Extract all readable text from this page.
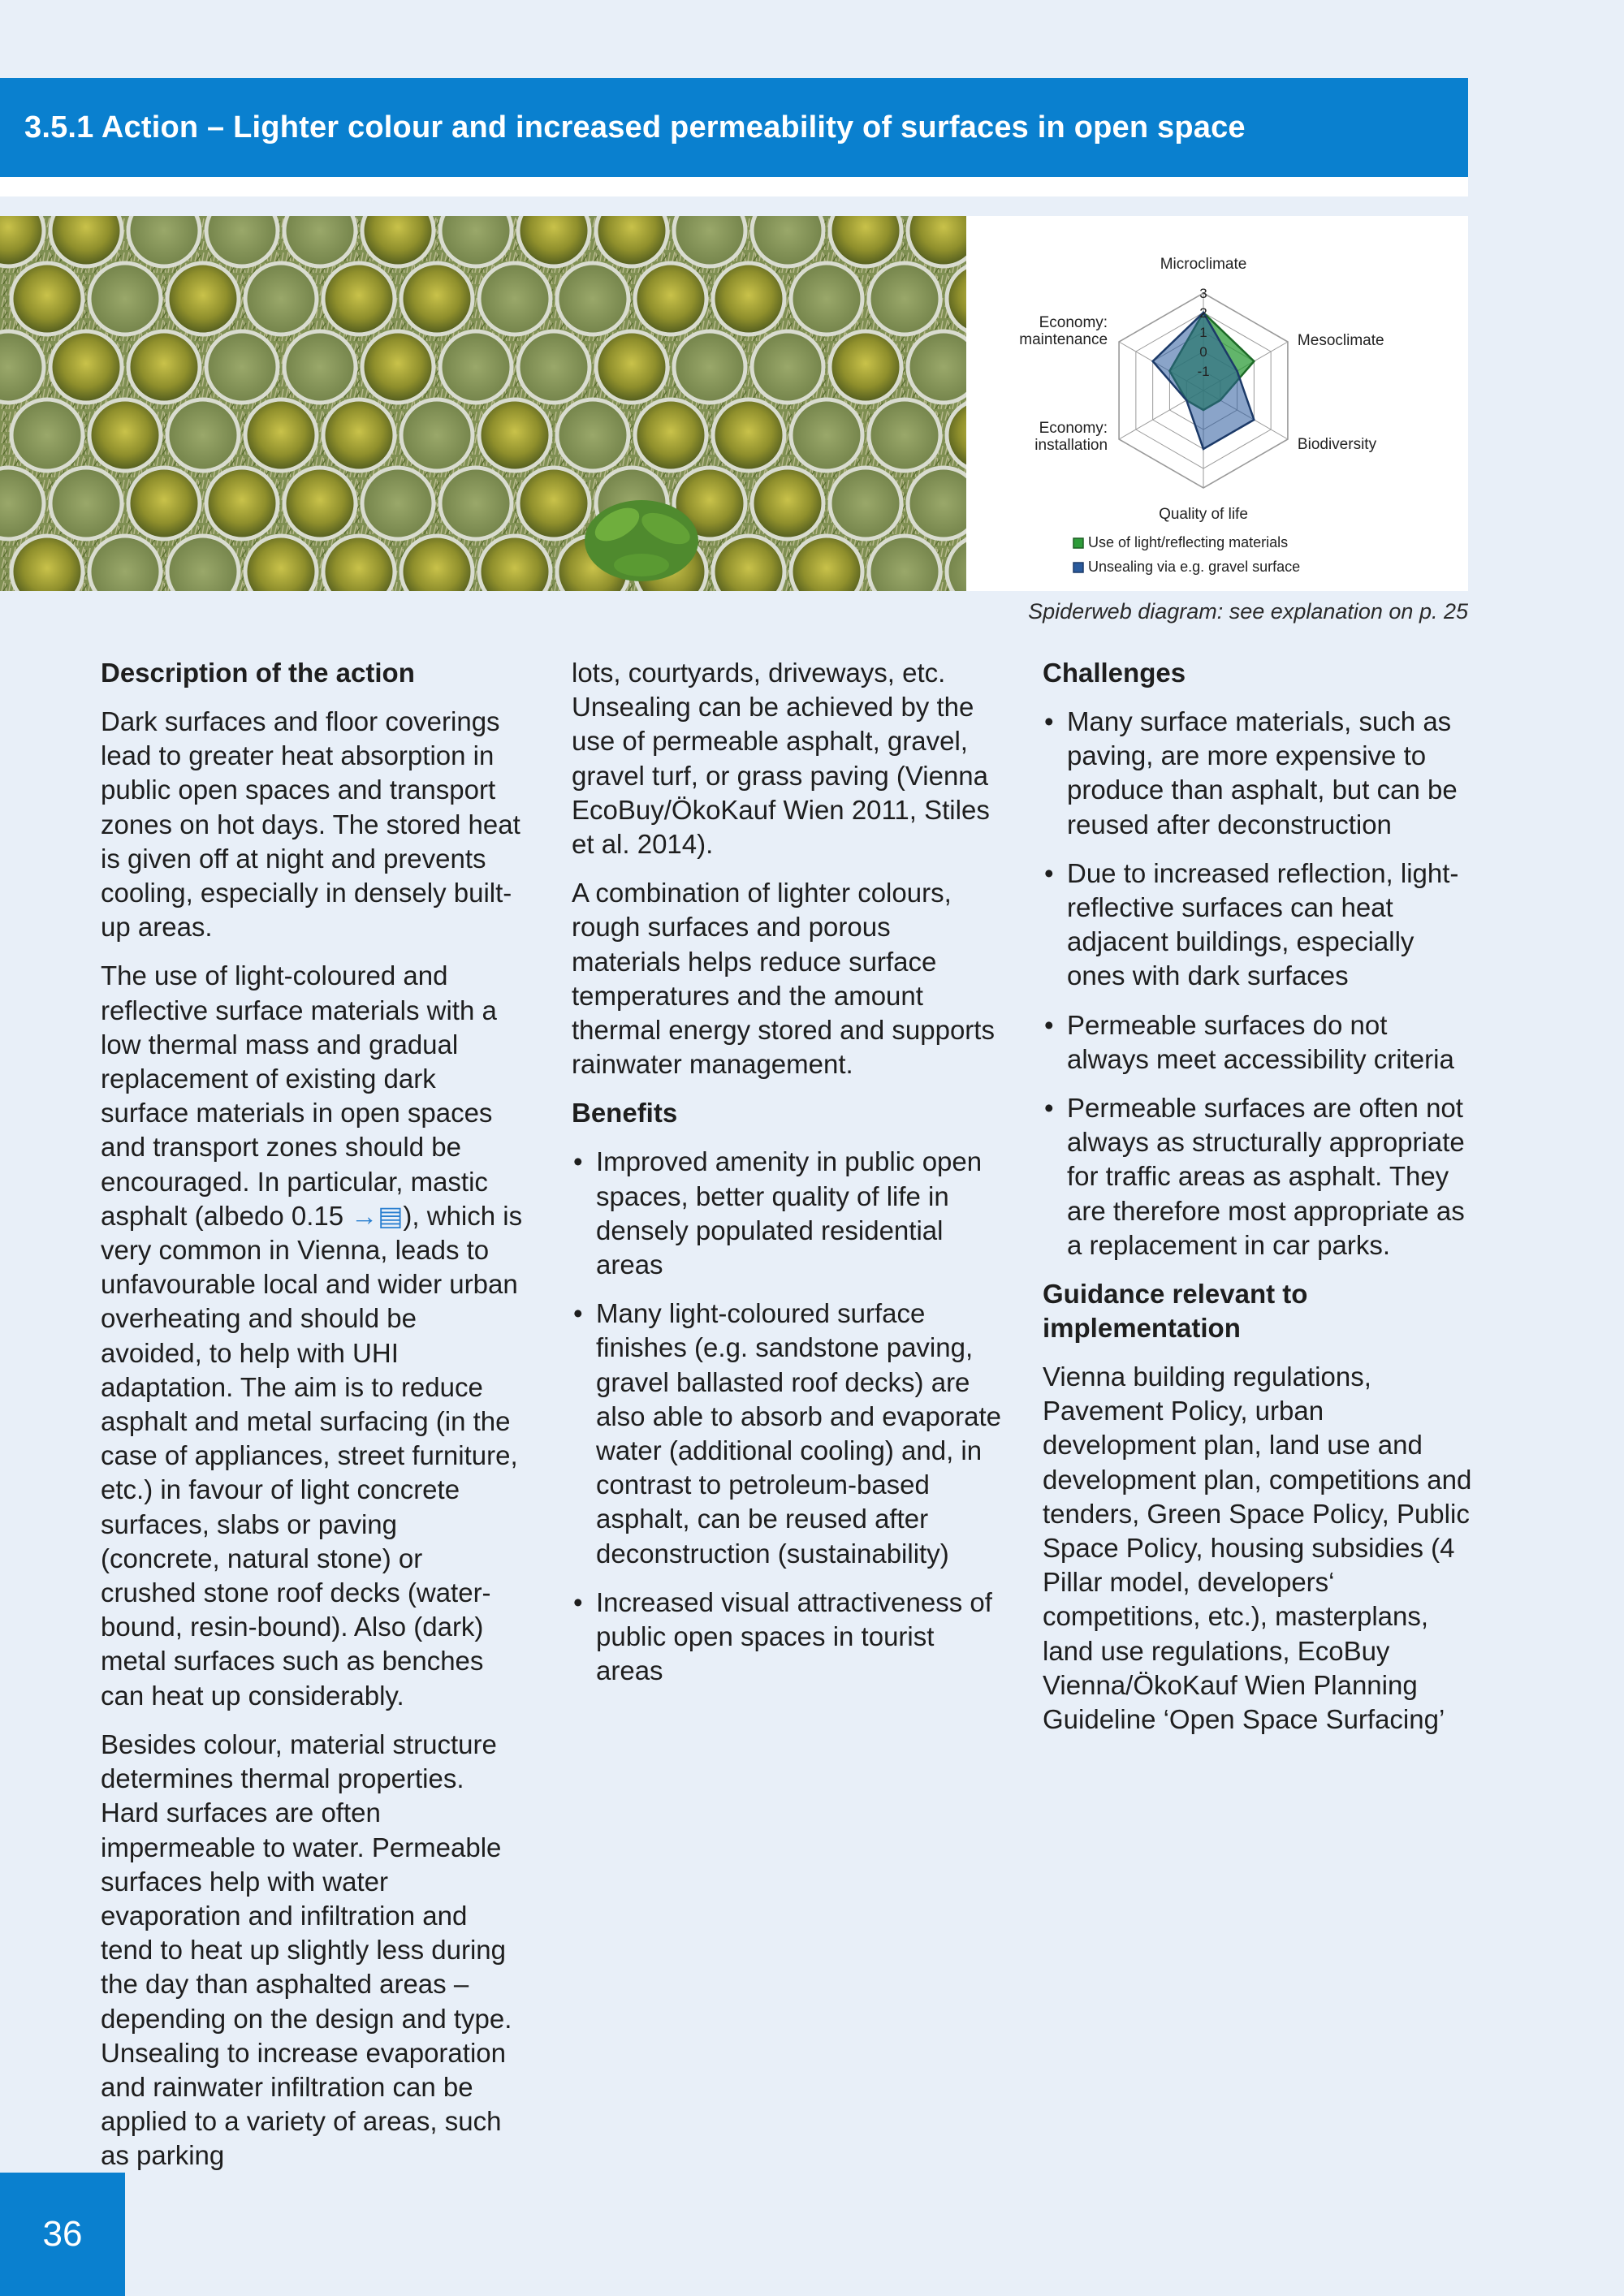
3.5.1 Action – Lighter colour and increased permeability of surfaces in open space
3
2
1
0
-1
Microclimate
Mesoclimate
Biodiversity
Quality of life
Economy: installation
Economy: maintenance
Use of light/reflecting materials
Unsealing via e.g. gravel surface
Spiderweb diagram: see explanation on p. 25
Description of the action

Dark surfaces and floor coverings lead to greater heat absorption in public open spaces and transport zones on hot days. The stored heat is given off at night and prevents cooling, especially in densely built-up areas.

The use of light-coloured and reflective surface materials with a low thermal mass and gradual replacement of existing dark surface materials in open spaces and transport zones should be encouraged. In particular, mastic asphalt (albedo 0.15 →▤), which is very common in Vienna, leads to unfavourable local and wider urban overheating and should be avoided, to help with UHI adaptation. The aim is to reduce asphalt and metal surfacing (in the case of appliances, street furniture, etc.) in favour of light concrete surfaces, slabs or paving (concrete, natural stone) or crushed stone roof decks (water-bound, resin-bound). Also (dark) metal surfaces such as benches can heat up considerably.

Besides colour, material structure determines thermal properties. Hard surfaces are often impermeable to water. Permeable surfaces help with water evaporation and infiltration and tend to heat up slightly less during the day than asphalted areas – depending on the design and type. Unsealing to increase evaporation and rainwater infiltration can be applied to a variety of areas, such as parking

lots, courtyards, driveways, etc. Unsealing can be achieved by the use of permeable asphalt, gravel, gravel turf, or grass paving (Vienna EcoBuy/ÖkoKauf Wien 2011, Stiles et al. 2014).

A combination of lighter colours, rough surfaces and porous materials helps reduce surface temperatures and the amount thermal energy stored and supports rainwater management.

Benefits
• Improved amenity in public open spaces, better quality of life in densely populated residential areas
• Many light-coloured surface finishes (e.g. sandstone paving, gravel ballasted roof decks) are also able to absorb and evaporate water (additional cooling) and, in contrast to petroleum-based asphalt, can be reused after deconstruction (sustainability)
• Increased visual attractiveness of public open spaces in tourist areas
Challenges
• Many surface materials, such as paving, are more expensive to produce than asphalt, but can be reused after deconstruction
• Due to increased reflection, light-reflective surfaces can heat adjacent buildings, especially ones with dark surfaces
• Permeable surfaces do not always meet accessibility criteria
• Permeable surfaces are often not always as structurally appropriate for traffic areas as asphalt. They are therefore most appropriate as a replacement in car parks.
Guidance relevant to implementation

Vienna building regulations, Pavement Policy, urban development plan, land use and development plan, competitions and tenders, Green Space Policy, Public Space Policy, housing subsidies (4 Pillar model, developers‘ competitions, etc.), masterplans, land use regulations, EcoBuy Vienna/ÖkoKauf Wien Planning Guideline ‘Open Space Surfacing’

36
